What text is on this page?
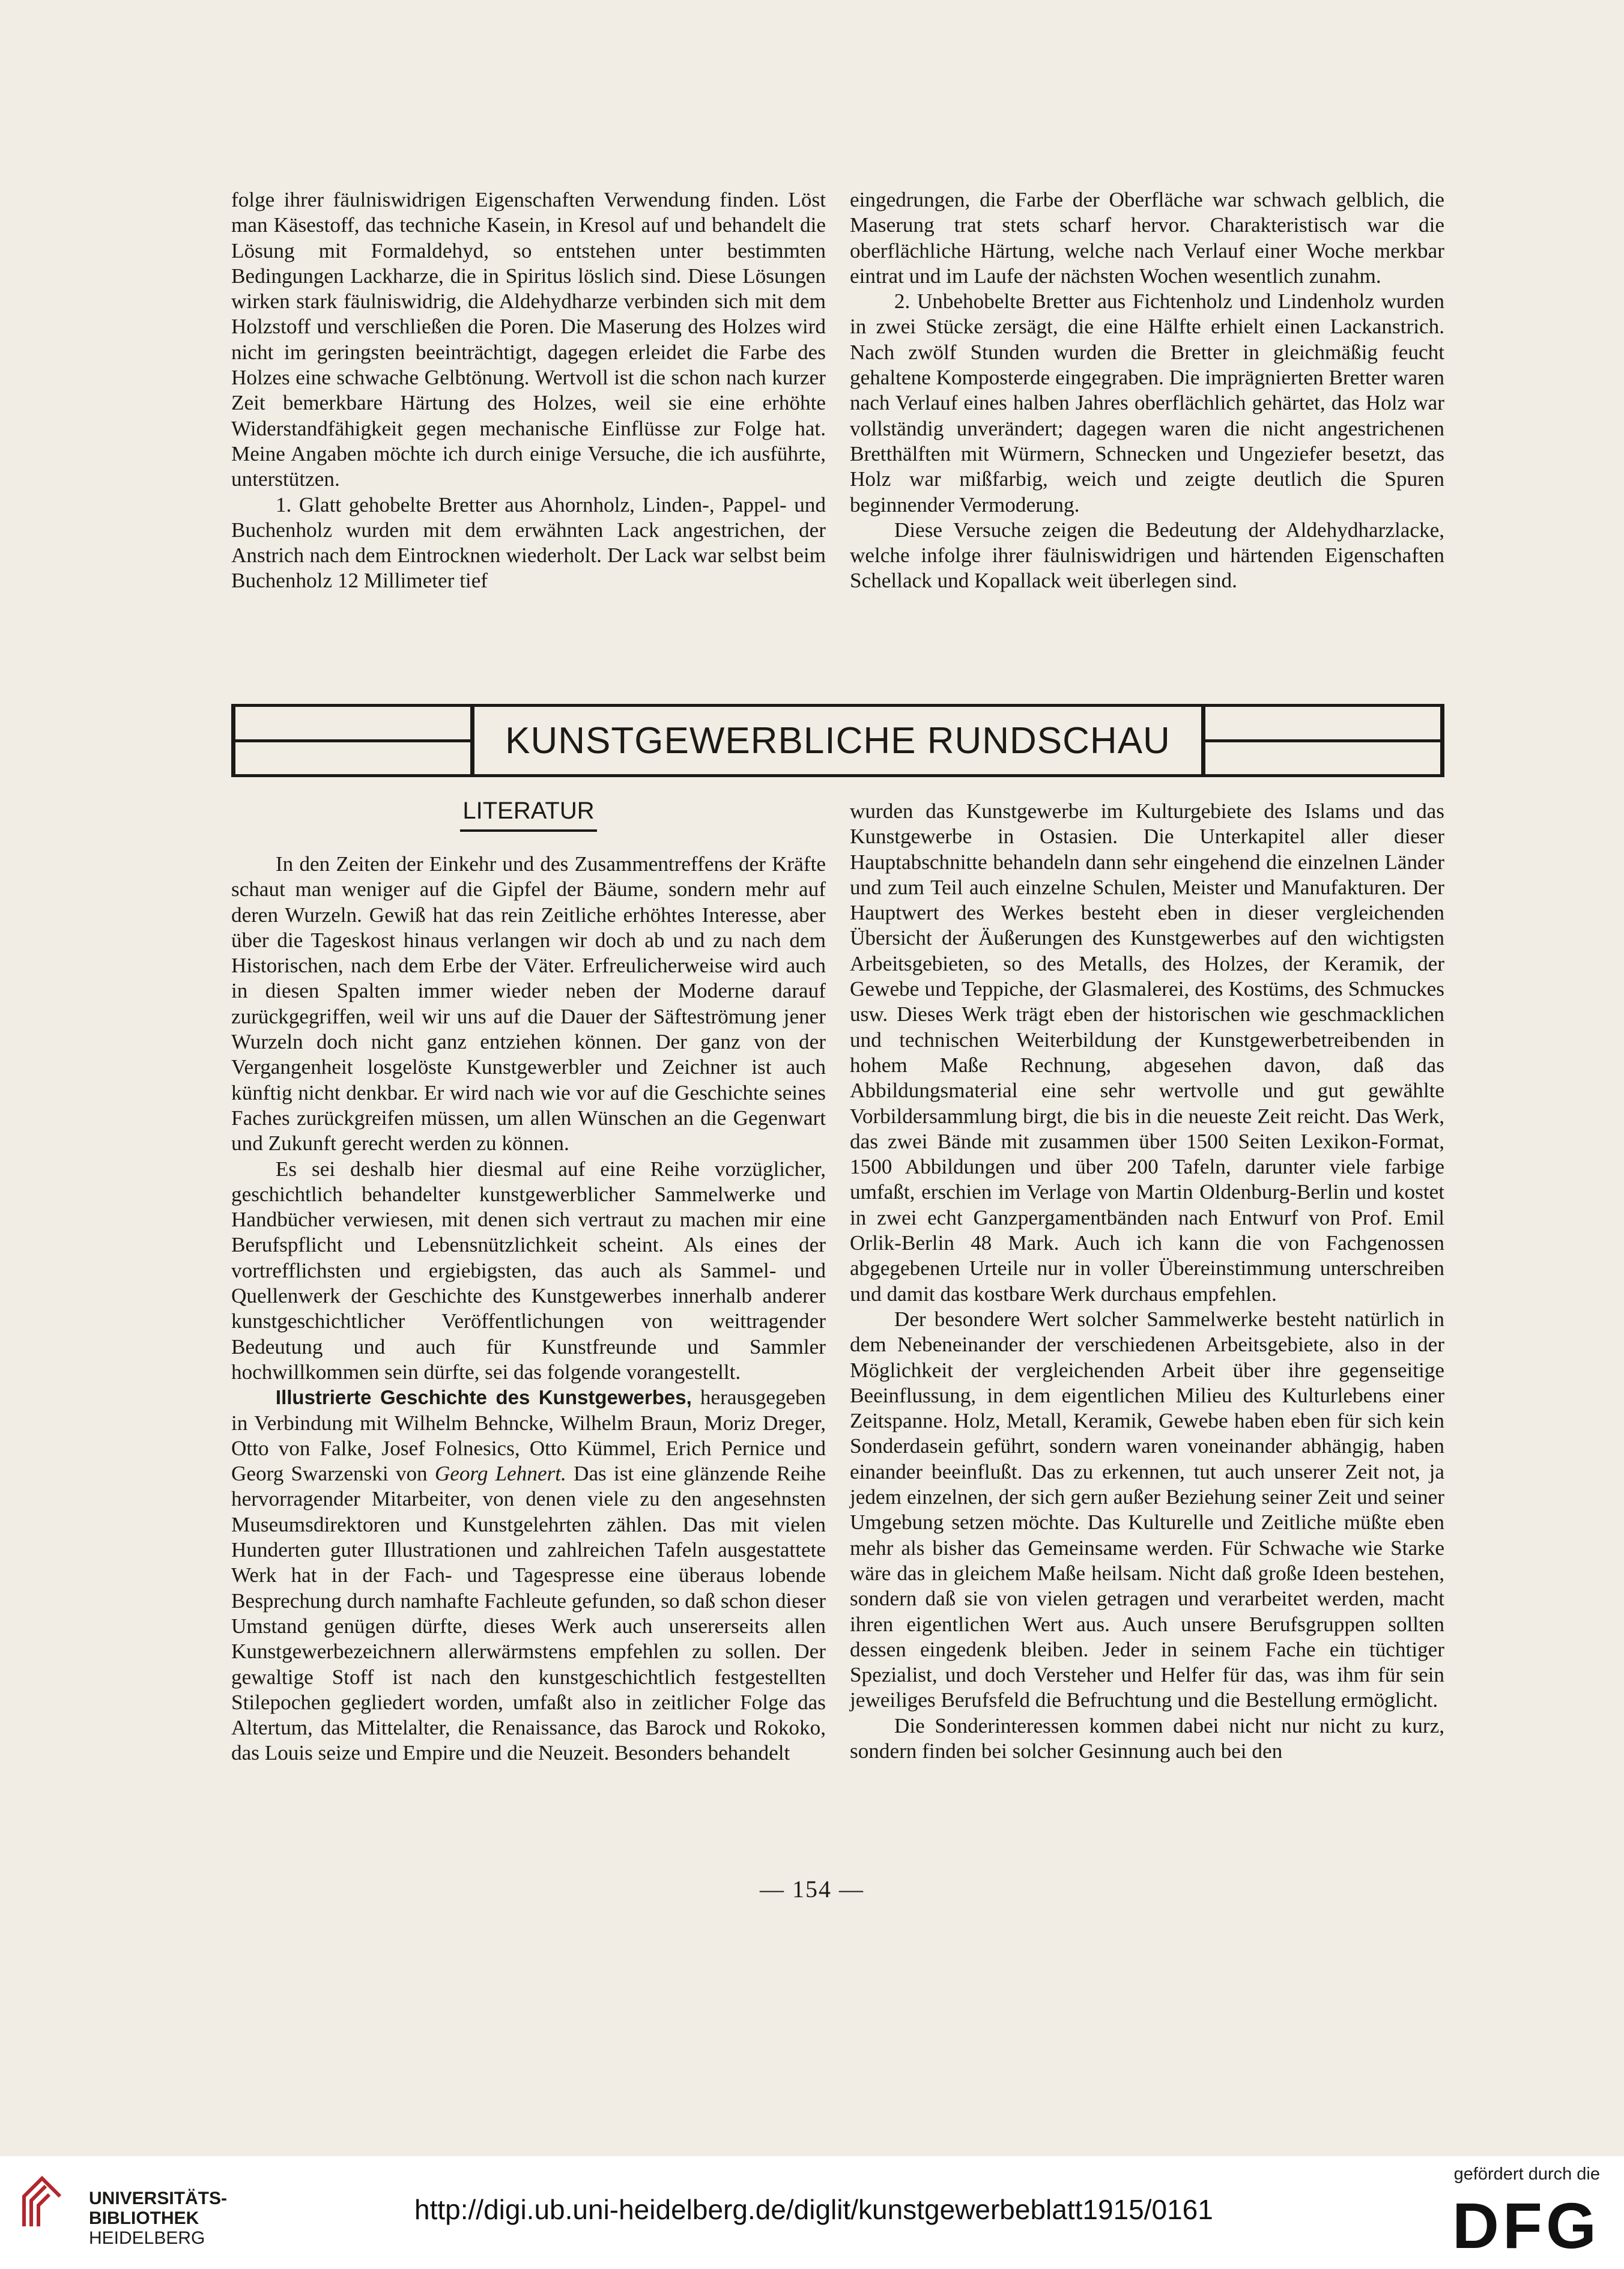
folge ihrer fäulniswidrigen Eigenschaften Verwendung finden. Löst man Käsestoff, das techniche Kasein, in Kresol auf und behandelt die Lösung mit Formaldehyd, so entstehen unter bestimmten Bedingungen Lackharze, die in Spiritus löslich sind. Diese Lösungen wirken stark fäulniswidrig, die Aldehydharze verbinden sich mit dem Holzstoff und verschließen die Poren. Die Maserung des Holzes wird nicht im geringsten beeinträchtigt, dagegen erleidet die Farbe des Holzes eine schwache Gelbtönung. Wertvoll ist die schon nach kurzer Zeit bemerkbare Härtung des Holzes, weil sie eine erhöhte Widerstandfähigkeit gegen mechanische Einflüsse zur Folge hat. Meine Angaben möchte ich durch einige Versuche, die ich ausführte, unterstützen.

1. Glatt gehobelte Bretter aus Ahornholz, Linden-, Pappel- und Buchenholz wurden mit dem erwähnten Lack angestrichen, der Anstrich nach dem Eintrocknen wiederholt. Der Lack war selbst beim Buchenholz 12 Millimeter tief

eingedrungen, die Farbe der Oberfläche war schwach gelblich, die Maserung trat stets scharf hervor. Charakteristisch war die oberflächliche Härtung, welche nach Verlauf einer Woche merkbar eintrat und im Laufe der nächsten Wochen wesentlich zunahm.

2. Unbehobelte Bretter aus Fichtenholz und Lindenholz wurden in zwei Stücke zersägt, die eine Hälfte erhielt einen Lackanstrich. Nach zwölf Stunden wurden die Bretter in gleichmäßig feucht gehaltene Komposterde eingegraben. Die imprägnierten Bretter waren nach Verlauf eines halben Jahres oberflächlich gehärtet, das Holz war vollständig unverändert; dagegen waren die nicht angestrichenen Bretthälften mit Würmern, Schnecken und Ungeziefer besetzt, das Holz war mißfarbig, weich und zeigte deutlich die Spuren beginnender Vermoderung.

Diese Versuche zeigen die Bedeutung der Aldehydharzlacke, welche infolge ihrer fäulniswidrigen und härtenden Eigenschaften Schellack und Kopallack weit überlegen sind.

KUNSTGEWERBLICHE RUNDSCHAU
LITERATUR

In den Zeiten der Einkehr und des Zusammentreffens der Kräfte schaut man weniger auf die Gipfel der Bäume, sondern mehr auf deren Wurzeln. Gewiß hat das rein Zeitliche erhöhtes Interesse, aber über die Tageskost hinaus verlangen wir doch ab und zu nach dem Historischen, nach dem Erbe der Väter. Erfreulicherweise wird auch in diesen Spalten immer wieder neben der Moderne darauf zurückgegriffen, weil wir uns auf die Dauer der Säfteströmung jener Wurzeln doch nicht ganz entziehen können. Der ganz von der Vergangenheit losgelöste Kunstgewerbler und Zeichner ist auch künftig nicht denkbar. Er wird nach wie vor auf die Geschichte seines Faches zurückgreifen müssen, um allen Wünschen an die Gegenwart und Zukunft gerecht werden zu können.

Es sei deshalb hier diesmal auf eine Reihe vorzüglicher, geschichtlich behandelter kunstgewerblicher Sammelwerke und Handbücher verwiesen, mit denen sich vertraut zu machen mir eine Berufspflicht und Lebensnützlichkeit scheint. Als eines der vortrefflichsten und ergiebigsten, das auch als Sammel- und Quellenwerk der Geschichte des Kunstgewerbes innerhalb anderer kunstgeschichtlicher Veröffentlichungen von weittragender Bedeutung und auch für Kunstfreunde und Sammler hochwillkommen sein dürfte, sei das folgende vorangestellt.

Illustrierte Geschichte des Kunstgewerbes, herausgegeben in Verbindung mit Wilhelm Behncke, Wilhelm Braun, Moriz Dreger, Otto von Falke, Josef Folnesics, Otto Kümmel, Erich Pernice und Georg Swarzenski von Georg Lehnert. Das ist eine glänzende Reihe hervorragender Mitarbeiter, von denen viele zu den angesehnsten Museumsdirektoren und Kunstgelehrten zählen. Das mit vielen Hunderten guter Illustrationen und zahlreichen Tafeln ausgestattete Werk hat in der Fach- und Tagespresse eine überaus lobende Besprechung durch namhafte Fachleute gefunden, so daß schon dieser Umstand genügen dürfte, dieses Werk auch unsererseits allen Kunstgewerbezeichnern allerwärmstens empfehlen zu sollen. Der gewaltige Stoff ist nach den kunstgeschichtlich festgestellten Stilepochen gegliedert worden, umfaßt also in zeitlicher Folge das Altertum, das Mittelalter, die Renaissance, das Barock und Rokoko, das Louis seize und Empire und die Neuzeit. Besonders behandelt

wurden das Kunstgewerbe im Kulturgebiete des Islams und das Kunstgewerbe in Ostasien. Die Unterkapitel aller dieser Hauptabschnitte behandeln dann sehr eingehend die einzelnen Länder und zum Teil auch einzelne Schulen, Meister und Manufakturen. Der Hauptwert des Werkes besteht eben in dieser vergleichenden Übersicht der Äußerungen des Kunstgewerbes auf den wichtigsten Arbeitsgebieten, so des Metalls, des Holzes, der Keramik, der Gewebe und Teppiche, der Glasmalerei, des Kostüms, des Schmuckes usw. Dieses Werk trägt eben der historischen wie geschmacklichen und technischen Weiterbildung der Kunstgewerbetreibenden in hohem Maße Rechnung, abgesehen davon, daß das Abbildungsmaterial eine sehr wertvolle und gut gewählte Vorbildersammlung birgt, die bis in die neueste Zeit reicht. Das Werk, das zwei Bände mit zusammen über 1500 Seiten Lexikon-Format, 1500 Abbildungen und über 200 Tafeln, darunter viele farbige umfaßt, erschien im Verlage von Martin Oldenburg-Berlin und kostet in zwei echt Ganzpergamentbänden nach Entwurf von Prof. Emil Orlik-Berlin 48 Mark. Auch ich kann die von Fachgenossen abgegebenen Urteile nur in voller Übereinstimmung unterschreiben und damit das kostbare Werk durchaus empfehlen.

Der besondere Wert solcher Sammelwerke besteht natürlich in dem Nebeneinander der verschiedenen Arbeitsgebiete, also in der Möglichkeit der vergleichenden Arbeit über ihre gegenseitige Beeinflussung, in dem eigentlichen Milieu des Kulturlebens einer Zeitspanne. Holz, Metall, Keramik, Gewebe haben eben für sich kein Sonderdasein geführt, sondern waren voneinander abhängig, haben einander beeinflußt. Das zu erkennen, tut auch unserer Zeit not, ja jedem einzelnen, der sich gern außer Beziehung seiner Zeit und seiner Umgebung setzen möchte. Das Kulturelle und Zeitliche müßte eben mehr als bisher das Gemeinsame werden. Für Schwache wie Starke wäre das in gleichem Maße heilsam. Nicht daß große Ideen bestehen, sondern daß sie von vielen getragen und verarbeitet werden, macht ihren eigentlichen Wert aus. Auch unsere Berufsgruppen sollten dessen eingedenk bleiben. Jeder in seinem Fache ein tüchtiger Spezialist, und doch Versteher und Helfer für das, was ihm für sein jeweiliges Berufsfeld die Befruchtung und die Bestellung ermöglicht.

Die Sonderinteressen kommen dabei nicht nur nicht zu kurz, sondern finden bei solcher Gesinnung auch bei den

— 154 —
UNIVERSITÄTS-
BIBLIOTHEK
HEIDELBERG
http://digi.ub.uni-heidelberg.de/diglit/kunstgewerbeblatt1915/0161
gefördert durch die
DFG
